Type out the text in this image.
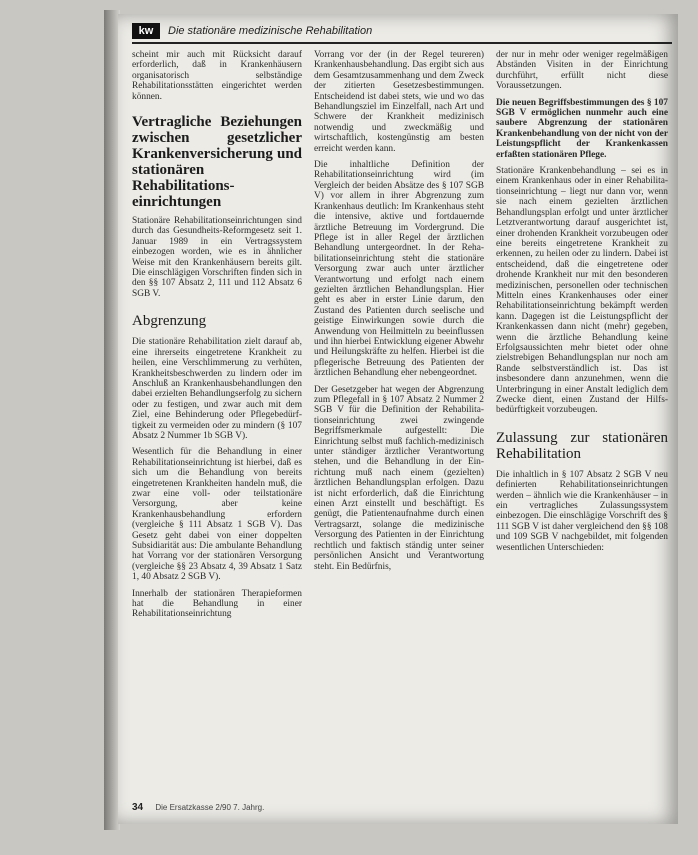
kw	Die stationäre medizinische Rehabilitation

scheint mir auch mit Rücksicht darauf erforderlich, daß in Krankenhäusern organisatorisch selbständige Rehabilitationsstätten eingerichtet werden können.

Vertragliche Beziehungen zwischen gesetzlicher Krankenversicherung und stationären Rehabilitationseinrichtungen

Stationäre Rehabilitationseinrichtungen sind durch das Gesundheits-Reformgesetz seit 1. Januar 1989 in ein Vertragssystem einbezogen worden, wie es in ähnlicher Weise mit den Krankenhäusern bereits gilt. Die einschlägigen Vorschriften finden sich in den §§ 107 Absatz 2, 111 und 112 Absatz 6 SGB V.

Abgrenzung

Die stationäre Rehabilitation zielt darauf ab, eine ihrerseits eingetretene Krankheit zu heilen, eine Verschlimmerung zu verhüten, Krankheitsbeschwerden zu lindern oder im Anschluß an Krankenhausbehandlungen den dabei erzielten Behandlungserfolg zu sichern oder zu festigen, und zwar auch mit dem Ziel, eine Behinderung oder Pflegebedürftigkeit zu vermeiden oder zu mindern (§ 107 Absatz 2 Nummer 1b SGB V).

Wesentlich für die Behandlung in einer Rehabilitationseinrichtung ist hierbei, daß es sich um die Behandlung von bereits eingetretenen Krankheiten handeln muß, die zwar eine voll- oder teilstationäre Versorgung, aber keine Krankenhausbehandlung erfordern (vergleiche § 111 Absatz 1 SGB V). Das Gesetz geht dabei von einer doppelten Subsidiarität aus: Die ambulante Behandlung hat Vorrang vor der stationären Versorgung (vergleiche §§ 23 Absatz 4, 39 Absatz 1 Satz 1, 40 Absatz 2 SGB V).

Innerhalb der stationären Therapieformen hat die Behandlung in einer Rehabilitationseinrichtung

Vorrang vor der (in der Regel teureren) Krankenhausbehandlung. Das ergibt sich aus dem Gesamtzusammenhang und dem Zweck der zitierten Gesetzesbestimmungen. Entscheidend ist dabei stets, wie und wo das Behandlungsziel im Einzelfall, nach Art und Schwere der Krankheit medizinisch notwendig und zweckmäßig und wirtschaftlich, kostengünstig am besten erreicht werden kann.

Die inhaltliche Definition der Rehabilitationseinrichtung wird (im Vergleich der beiden Absätze des § 107 SGB V) vor allem in ihrer Abgrenzung zum Krankenhaus deutlich: Im Krankenhaus steht die intensive, aktive und fortdauernde ärztliche Betreuung im Vordergrund. Die Pflege ist in aller Regel der ärztlichen Behandlung untergeordnet. In der Rehabilitationseinrichtung steht die stationäre Versorgung zwar auch unter ärztlicher Verantwortung und erfolgt nach einem gezielten ärztlichen Behandlungsplan. Hier geht es aber in erster Linie darum, den Zustand des Patienten durch seelische und geistige Einwirkungen sowie durch die Anwendung von Heilmitteln zu beeinflussen und ihn hierbei Entwicklung eigener Abwehr und Heilungskräfte zu helfen. Hierbei ist die pflegerische Betreuung des Patienten der ärztlichen Behandlung eher nebengeordnet.

Der Gesetzgeber hat wegen der Abgrenzung zum Pflegefall in § 107 Absatz 2 Nummer 2 SGB V für die Definition der Rehabilitationseinrichtung zwei zwingende Begriffsmerkmale aufgestellt: Die Einrichtung selbst muß fachlich-medizinisch unter ständiger ärztlicher Verantwortung stehen, und die Behandlung in der Einrichtung muß nach einem (gezielten) ärztlichen Behandlungsplan erfolgen. Dazu ist nicht erforderlich, daß die Einrichtung einen Arzt einstellt und beschäftigt. Es genügt, die Patientenaufnahme durch einen Vertragsarzt, solange die medizinische Versorgung des Patienten in der Einrichtung rechtlich und faktisch ständig unter seiner persönlichen Ansicht und Verantwortung steht. Ein Bedürfnis,

der nur in mehr oder weniger regelmäßigen Abständen Visiten in der Einrichtung durchführt, erfüllt nicht diese Voraussetzungen.

Die neuen Begriffsbestimmungen des § 107 SGB V ermöglichen nunmehr auch eine saubere Abgrenzung der stationären Krankenbehandlung von der nicht von der Leistungspflicht der Krankenkassen erfaßten stationären Pflege.

Stationäre Krankenbehandlung – sei es in einem Krankenhaus oder in einer Rehabilitationseinrichtung – liegt nur dann vor, wenn sie nach einem gezielten ärztlichen Behandlungsplan erfolgt und unter ärztlicher Letztverantwortung darauf ausgerichtet ist, einer drohenden Krankheit vorzubeugen oder eine bereits eingetretene Krankheit zu erkennen, zu heilen oder zu lindern. Dabei ist entscheidend, daß die eingetretene oder drohende Krankheit nur mit den besonderen medizinischen, personellen oder technischen Mitteln eines Krankenhauses oder einer Rehabilitationseinrichtung bekämpft werden kann. Dagegen ist die Leistungspflicht der Krankenkassen dann nicht (mehr) gegeben, wenn die ärztliche Behandlung keine Erfolgsaussichten mehr bietet oder ohne zielstrebigen Behandlungsplan nur noch am Rande selbstverständlich ist. Das ist insbesondere dann anzunehmen, wenn die Unterbringung in einer Anstalt lediglich dem Zwecke dient, einen Zustand der Hilfsbedürftigkeit vorzubeugen.

Zulassung zur stationären Rehabilitation

Die inhaltlich in § 107 Absatz 2 SGB V neu definierten Rehabilitationseinrichtungen werden – ähnlich wie die Krankenhäuser – in ein vertragliches Zulassungssystem einbezogen. Die einschlägige Vorschrift des § 111 SGB V ist daher vergleichend den §§ 108 und 109 SGB V nachgebildet, mit folgenden wesentlichen Unterschieden:

34 Die Ersatzkasse 2/90 7. Jahrg.
